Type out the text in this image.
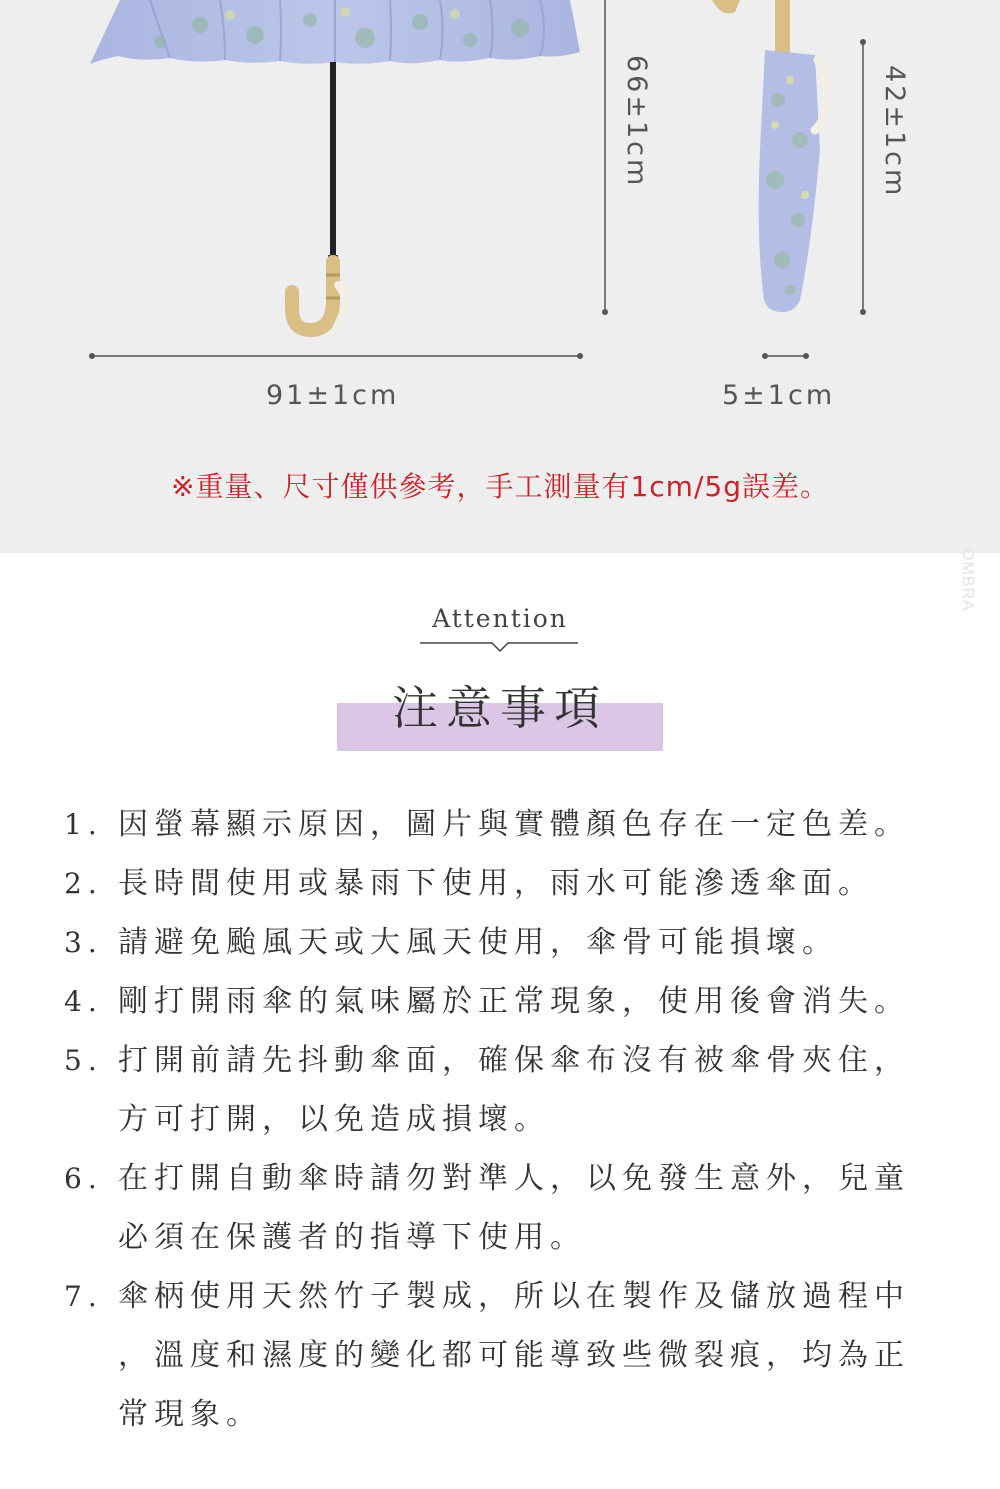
66±1cm	42±1cm
91±1cm	5±1cm
※重量、尺寸僅供參考，手工測量有1cm/5g誤差。
OMBRA
Attention
注意事項
1. 因螢幕顯示原因，圖片與實體顏色存在一定色差。
2. 長時間使用或暴雨下使用，雨水可能滲透傘面。
3. 請避免颱風天或大風天使用，傘骨可能損壞。
4. 剛打開雨傘的氣味屬於正常現象，使用後會消失。
5. 打開前請先抖動傘面，確保傘布沒有被傘骨夾住，
方可打開，以免造成損壞。
6. 在打開自動傘時請勿對準人，以免發生意外，兒童
必須在保護者的指導下使用。
7. 傘柄使用天然竹子製成，所以在製作及儲放過程中
，溫度和濕度的變化都可能導致些微裂痕，均為正
常現象。
